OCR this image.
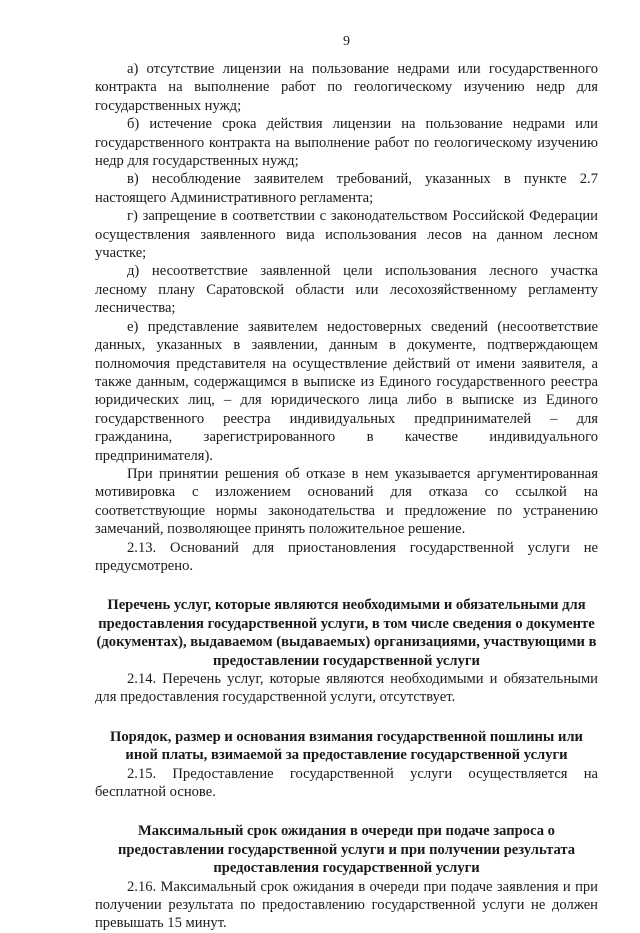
9

а) отсутствие лицензии на пользование недрами или государственного контракта на выполнение работ по геологическому изучению недр для государственных нужд;

б) истечение срока действия лицензии на пользование недрами или государственного контракта на выполнение работ по геологическому изучению недр для государственных нужд;

в) несоблюдение заявителем требований, указанных в пункте 2.7 настоящего Административного регламента;

г) запрещение в соответствии с законодательством Российской Федерации осуществления заявленного вида использования лесов на данном лесном участке;

д) несоответствие заявленной цели использования лесного участка лесному плану Саратовской области или лесохозяйственному регламенту лесничества;

е) представление заявителем недостоверных сведений (несоответствие данных, указанных в заявлении, данным в документе, подтверждающем полномочия представителя на осуществление действий от имени заявителя, а также данным, содержащимся в выписке из Единого государственного реестра юридических лиц, – для юридического лица либо в выписке из Единого государственного реестра индивидуальных предпринимателей – для гражданина, зарегистрированного в качестве индивидуального предпринимателя).

При принятии решения об отказе в нем указывается аргументированная мотивировка с изложением оснований для отказа со ссылкой на соответствующие нормы законодательства и предложение по устранению замечаний, позволяющее принять положительное решение.

2.13. Оснований для приостановления государственной услуги не предусмотрено.

Перечень услуг, которые являются необходимыми и обязательными для предоставления государственной услуги, в том числе сведения о документе (документах), выдаваемом (выдаваемых) организациями, участвующими в предоставлении государственной услуги

2.14. Перечень услуг, которые являются необходимыми и обязательными для предоставления государственной услуги, отсутствует.

Порядок, размер и основания взимания государственной пошлины или иной платы, взимаемой за предоставление государственной услуги

2.15. Предоставление государственной услуги осуществляется на бесплатной основе.

Максимальный срок ожидания в очереди при подаче запроса о предоставлении государственной услуги и при получении результата предоставления государственной услуги

2.16. Максимальный срок ожидания в очереди при подаче заявления и при получении результата по предоставлению государственной услуги не должен превышать 15 минут.
